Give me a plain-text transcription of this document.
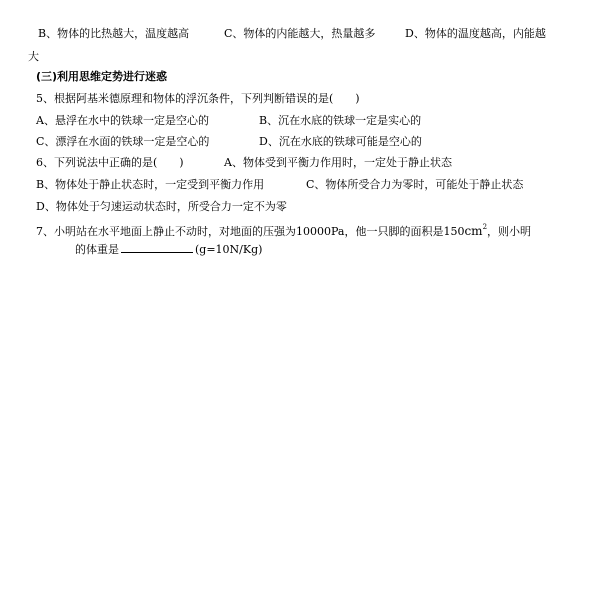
B、物体的比热越大，温度越高	C、物体的内能越大，热量越多	D、物体的温度越高，内能越
大
(三)利用思维定势进行迷惑
5、根据阿基米德原理和物体的浮沉条件，下列判断错误的是(　　)
A、悬浮在水中的铁球一定是空心的	B、沉在水底的铁球一定是实心的
C、漂浮在水面的铁球一定是空心的	D、沉在水底的铁球可能是空心的
6、下列说法中正确的是(　　)	A、物体受到平衡力作用时，一定处于静止状态
B、物体处于静止状态时，一定受到平衡力作用	C、物体所受合力为零时，可能处于静止状态
D、物体处于匀速运动状态时，所受合力一定不为零
7、小明站在水平地面上静止不动时，对地面的压强为10000Pa，他一只脚的面积是$150cm^2$，则小明
的体重是	(g=10N/Kg)
